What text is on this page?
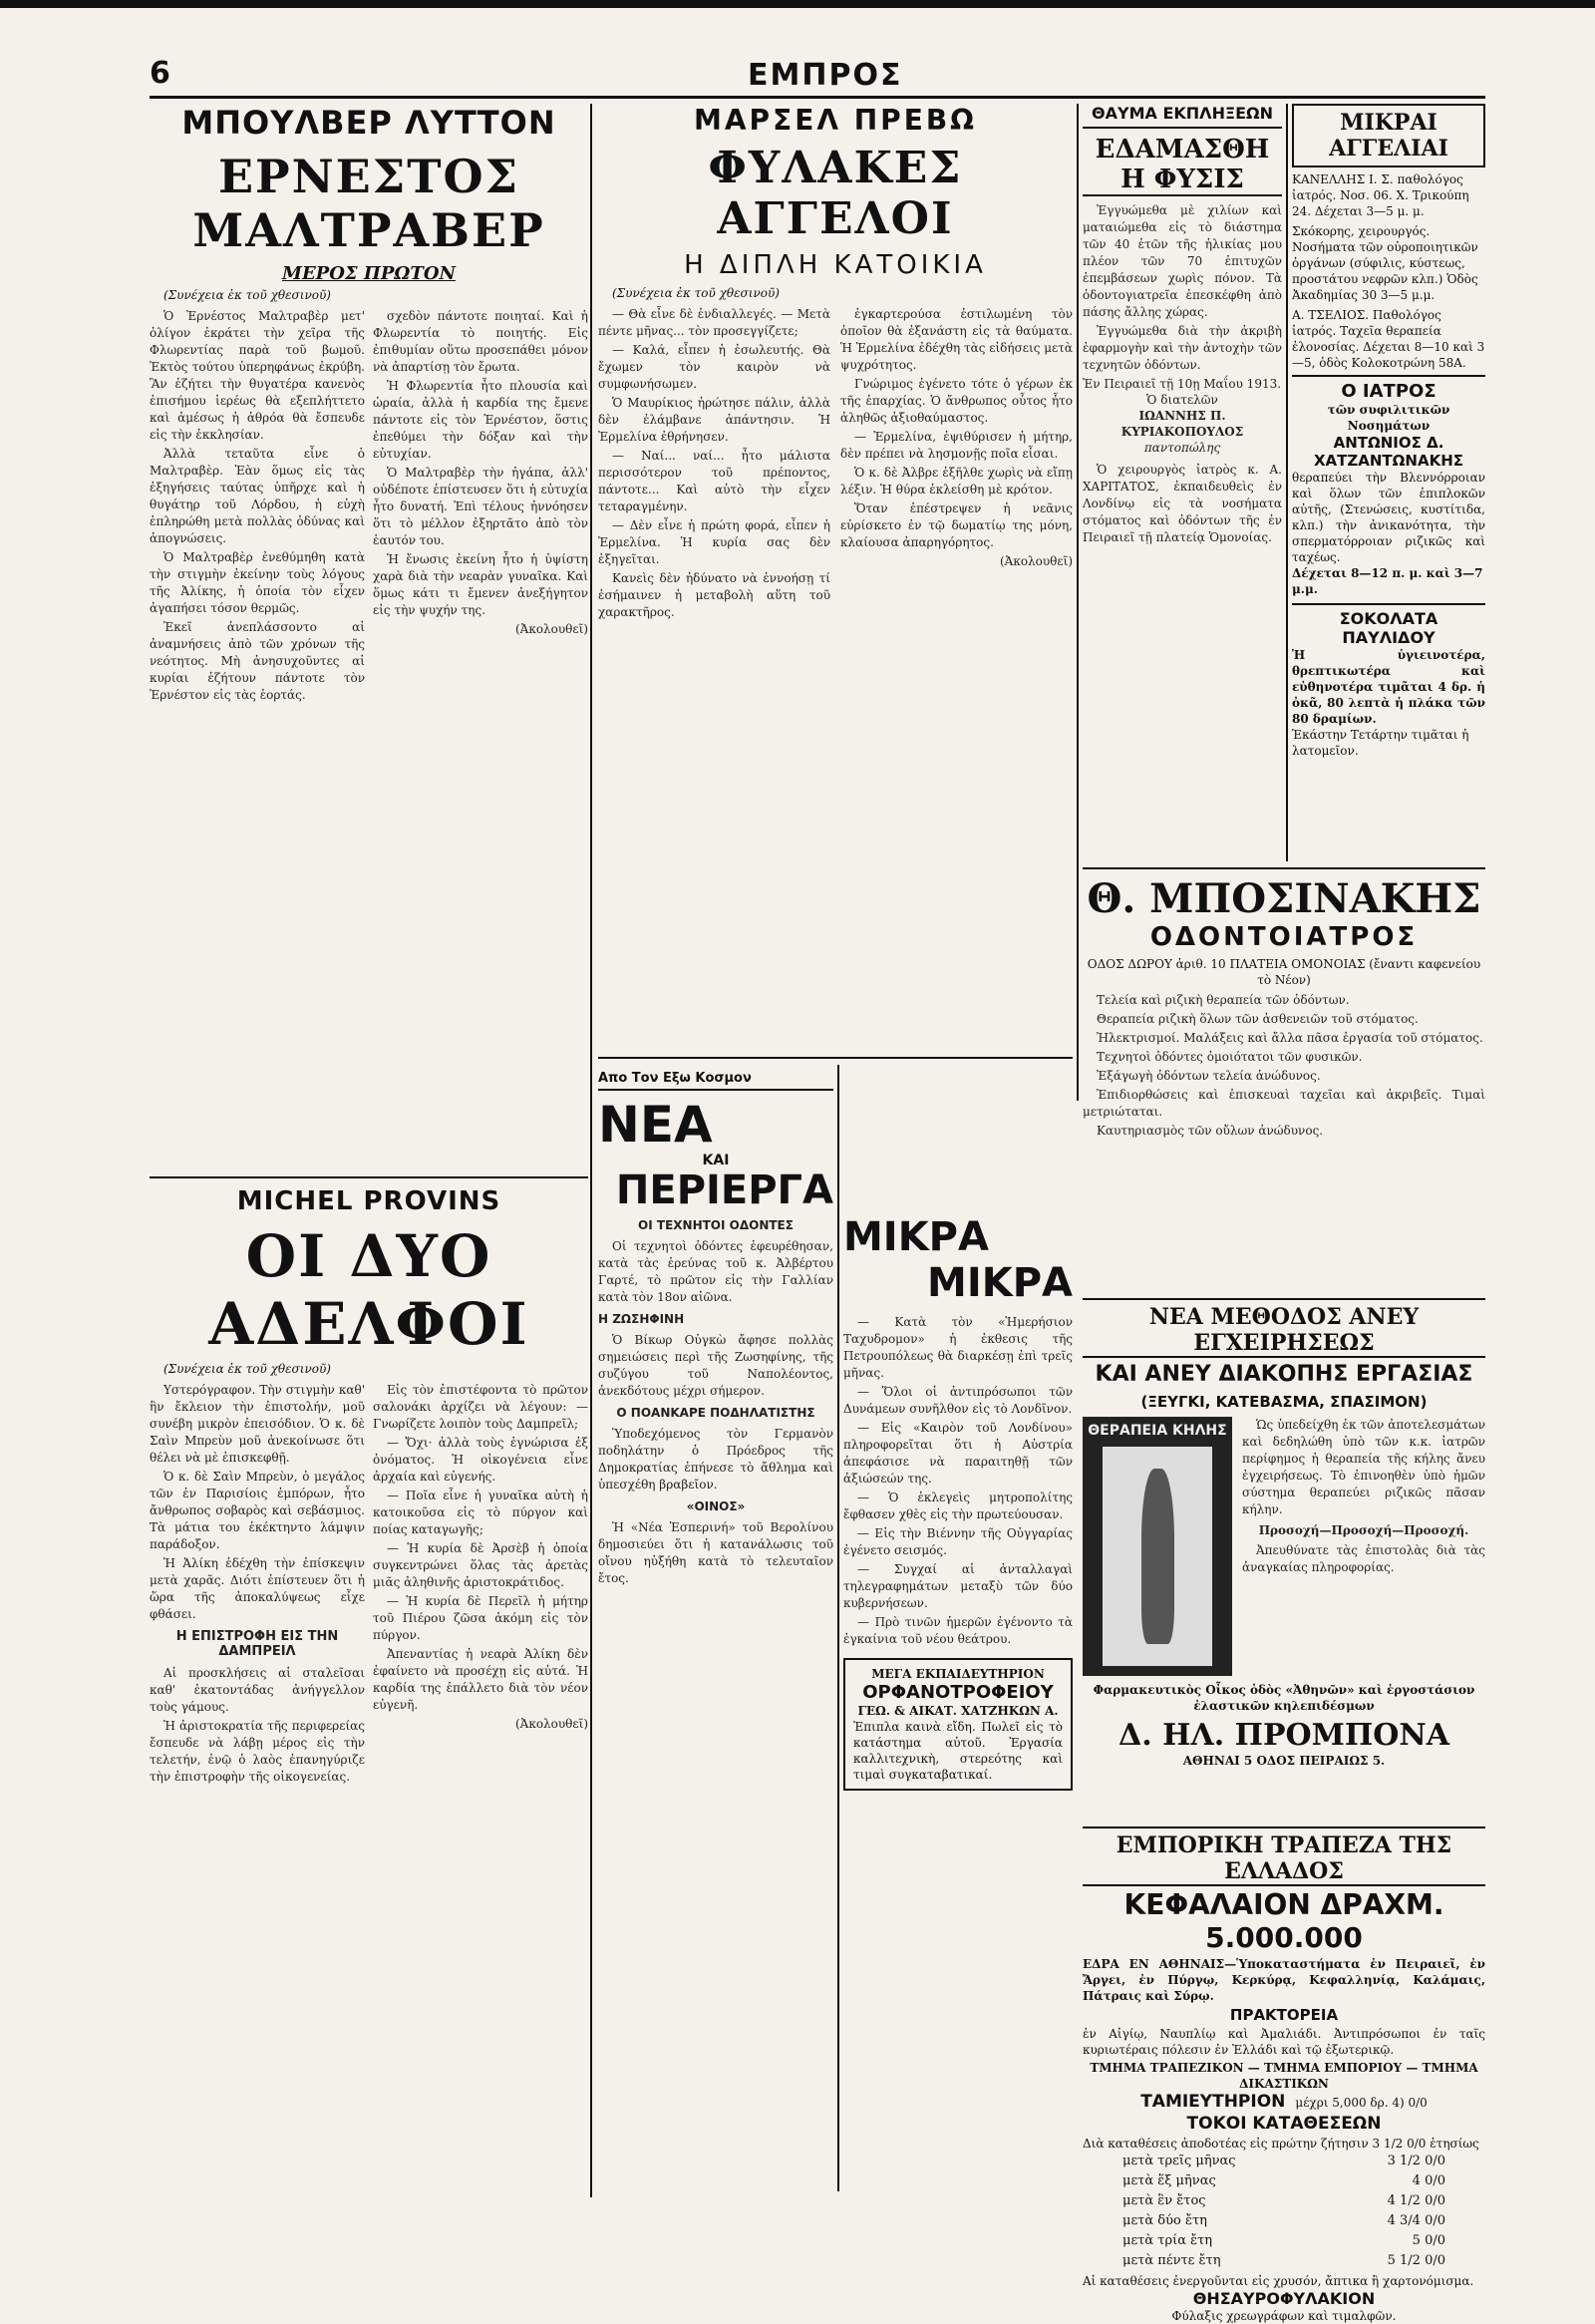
6	ΕΜΠΡΟΣ
ΜΠΟΥΛΒΕΡ ΛΥΤΤΟΝ
ΕΡΝΕΣΤΟΣ ΜΑΛΤΡΑΒΕΡ
ΜΕΡΟΣ ΠΡΩΤΟΝ
(Συνέχεια ἐκ τοῦ χθεσινοῦ)

Ὁ Ἐρνέστος Μαλτραβὲρ μετ' ὀλίγον ἐκράτει τὴν χεῖρα τῆς Φλωρεντίας παρὰ τοῦ βωμοῦ. Ἐκτὸς τούτου ὑπερηφάνως ἐκρύβη. Ἂν ἐζήτει τὴν θυγατέρα κανενὸς ἐπισήμου ἱερέως θὰ εξεπλήττετο καὶ ἀμέσως ἡ ἀθρόα θὰ ἔσπευδε εἰς τὴν ἐκκλησίαν.

Ἀλλὰ τεταῦτα εἶνε ὁ Μαλτραβὲρ. Ἐὰν ὅμως εἰς τὰς ἐξηγήσεις ταύτας ὑπῆρχε καὶ ἡ θυγάτηρ τοῦ Λόρδου, ἡ εὐχὴ ἐπληρώθη μετὰ πολλὰς ὀδύνας καὶ ἀπογνώσεις.

Ὁ Μαλτραβὲρ ἐνεθύμηθη κατὰ τὴν στιγμὴν ἐκείνην τοὺς λόγους τῆς Ἀλίκης, ἡ ὁποία τὸν εἶχεν ἀγαπήσει τόσον θερμῶς.

Ἐκεῖ ἀνεπλάσσοντο αἱ ἀναμνήσεις ἀπὸ τῶν χρόνων τῆς νεότητος. Μὴ ἀνησυχοῦντες αἱ κυρίαι ἐζήτουν πάντοτε τὸν Ἐρνέστον εἰς τὰς ἑορτάς.

σχεδὸν πάντοτε ποιηταί. Καὶ ἡ Φλωρεντία τὸ ποιητής. Εἰς ἐπιθυμίαν οὕτω προσεπάθει μόνον νὰ ἀπαρτίσῃ τὸν ἔρωτα.

Ἡ Φλωρεντία ἦτο πλουσία καὶ ὡραία, ἀλλὰ ἡ καρδία της ἔμενε πάντοτε εἰς τὸν Ἐρνέστον, ὅστις ἐπεθύμει τὴν δόξαν καὶ τὴν εὐτυχίαν.

Ὁ Μαλτραβὲρ τὴν ἠγάπα, ἀλλ' οὐδέποτε ἐπίστευσεν ὅτι ἡ εὐτυχία ἦτο δυνατή. Ἐπὶ τέλους ἠννόησεν ὅτι τὸ μέλλον ἐξηρτᾶτο ἀπὸ τὸν ἑαυτόν του.

Ἡ ἔνωσις ἐκείνη ἦτο ἡ ὑψίστη χαρὰ διὰ τὴν νεαρὰν γυναῖκα. Καὶ ὅμως κάτι τι ἔμενεν ἀνεξήγητον εἰς τὴν ψυχήν της.

(Ἀκολουθεῖ)
MICHEL PROVINS
ΟΙ ΔΥΟ ΑΔΕΛΦΟΙ
(Συνέχεια ἐκ τοῦ χθεσινοῦ)

Υστερόγραφον. Τὴν στιγμὴν καθ' ἣν ἔκλειον τὴν ἐπιστολήν, μοῦ συνέβη μικρὸν ἐπεισόδιον. Ὁ κ. δὲ Σαὶν Μπρεὺν μοῦ ἀνεκοίνωσε ὅτι θέλει νὰ μὲ ἐπισκεφθῇ.

Ὁ κ. δὲ Σαὶν Μπρεὺν, ὁ μεγάλος τῶν ἐν Παρισίοις ἐμπόρων, ἦτο ἄνθρωπος σοβαρὸς καὶ σεβάσμιος. Τὰ μάτια του ἐκέκτηντο λάμψιν παράδοξον.

Ἡ Ἀλίκη ἐδέχθη τὴν ἐπίσκεψιν μετὰ χαρᾶς. Διότι ἐπίστευεν ὅτι ἡ ὥρα τῆς ἀποκαλύψεως εἶχε φθάσει.

Η ΕΠΙΣΤΡΟΦΗ ΕΙΣ ΤΗΝ ΔΑΜΠΡΕΙΛ

Αἱ προσκλήσεις αἱ σταλεῖσαι καθ' ἐκατοντάδας ἀνήγγελλον τοὺς γάμους.

Ἡ ἀριστοκρατία τῆς περιφερείας ἔσπευδε νὰ λάβῃ μέρος εἰς τὴν τελετήν, ἐνῷ ὁ λαὸς ἐπανηγύριζε τὴν ἐπιστροφὴν τῆς οἰκογενείας.

Εἰς τὸν ἐπιστέφοντα τὸ πρῶτον σαλονάκι ἀρχίζει νὰ λέγουν: — Γνωρίζετε λοιπὸν τοὺς Δαμπρεῖλ;

— Ὄχι· ἀλλὰ τοὺς ἐγνώρισα ἐξ ὀνόματος. Ἡ οἰκογένεια εἶνε ἀρχαία καὶ εὐγενής.

— Ποῖα εἶνε ἡ γυναῖκα αὐτὴ ἡ κατοικοῦσα εἰς τὸ πύργον καὶ ποίας καταγωγῆς;

— Ἡ κυρία δὲ Ἀρσὲβ ἡ ὁποία συγκεντρώνει ὅλας τὰς ἀρετὰς μιᾶς ἀληθινῆς ἀριστοκράτιδος.

— Ἡ κυρία δὲ Περεῖλ ἡ μήτηρ τοῦ Πιέρου ζῶσα ἀκόμη εἰς τὸν πύργον.

Ἀπεναντίας ἡ νεαρὰ Ἀλίκη δὲν ἐφαίνετο νὰ προσέχῃ εἰς αὐτά. Ἡ καρδία της ἐπάλλετο διὰ τὸν νέον εὐγενῆ.

(Ἀκολουθεῖ)
ΜΑΡΣΕΛ ΠΡΕΒΩ
ΦΥΛΑΚΕΣ ΑΓΓΕΛΟΙ
Η ΔΙΠΛΗ ΚΑΤΟΙΚΙΑ
(Συνέχεια ἐκ τοῦ χθεσινοῦ)

— Θὰ εἶνε δὲ ἐνδιαλλεγές. — Μετὰ πέντε μῆνας... τὸν προσεγγίζετε;

— Καλά, εἶπεν ἡ ἐσωλευτής. Θὰ ἔχωμεν τὸν καιρὸν νὰ συμφωνήσωμεν.

Ὁ Μαυρίκιος ἠρώτησε πάλιν, ἀλλὰ δὲν ἐλάμβανε ἀπάντησιν. Ἡ Ἐρμελίνα ἐθρήνησεν.

— Ναί... ναί... ἦτο μάλιστα περισσότερον τοῦ πρέποντος, πάντοτε... Καὶ αὐτὸ τὴν εἶχεν τεταραγμένην.

— Δὲν εἶνε ἡ πρώτη φορά, εἶπεν ἡ Ἐρμελίνα. Ἡ κυρία σας δὲν ἐξηγεῖται.

Κανεὶς δὲν ἠδύνατο νὰ ἐννοήσῃ τί ἐσήμαινεν ἡ μεταβολὴ αὕτη τοῦ χαρακτῆρος.

ἐγκαρτερούσα ἐστιλωμένη τὸν ὁποῖον θὰ ἐξανάστη εἰς τὰ θαύματα. Ἡ Ἐρμελίνα ἐδέχθη τὰς εἰδήσεις μετὰ ψυχρότητος.

Γνώριμος ἐγένετο τότε ὁ γέρων ἐκ τῆς ἐπαρχίας. Ὁ ἄνθρωπος οὗτος ἦτο ἀληθῶς ἀξιοθαύμαστος.

— Ἐρμελίνα, ἐψιθύρισεν ἡ μήτηρ, δὲν πρέπει νὰ λησμονῇς ποῖα εἶσαι.

Ὁ κ. δὲ Ἀλβρε ἐξῆλθε χωρὶς νὰ εἴπῃ λέξιν. Ἡ θύρα ἐκλείσθη μὲ κρότον.

Ὅταν ἐπέστρεψεν ἡ νεᾶνις εὐρίσκετο ἐν τῷ δωματίῳ της μόνη, κλαίουσα ἀπαρηγόρητος.

(Ἀκολουθεῖ)
Απο Τον Εξω Κοσμον
ΝΕΑ
ΚΑΙ
ΠΕΡΙΕΡΓΑ
ΟΙ ΤΕΧΝΗΤΟΙ ΟΔΟΝΤΕΣ

Οἱ τεχνητοὶ ὀδόντες ἐφευρέθησαν, κατὰ τὰς ἐρεύνας τοῦ κ. Ἀλβέρτου Γαρτέ, τὸ πρῶτον εἰς τὴν Γαλλίαν κατὰ τὸν 18ον αἰῶνα.

Η ΖΩΣΗΦΙΝΗ

Ὁ Βίκωρ Οὐγκὼ ἄφησε πολλὰς σημειώσεις περὶ τῆς Ζωσηφίνης, τῆς συζύγου τοῦ Ναπολέοντος, ἀνεκδότους μέχρι σήμερον.

Ο ΠΟΑΝΚΑΡΕ ΠΟΔΗΛΑΤΙΣΤΗΣ

Ὑποδεχόμενος τὸν Γερμανὸν ποδηλάτην ὁ Πρόεδρος τῆς Δημοκρατίας ἐπήνεσε τὸ ἄθλημα καὶ ὑπεσχέθη βραβεῖον.

«ΟΙΝΟΣ»

Ἡ «Νέα Ἑσπερινή» τοῦ Βερολίνου δημοσιεύει ὅτι ἡ κατανάλωσις τοῦ οἴνου ηὐξήθη κατὰ τὸ τελευταῖον ἔτος.

ΜΙΚΡΑ
ΜΙΚΡΑ

— Κατὰ τὸν «Ἡμερήσιον Ταχυδρομον» ἡ ἐκθεσις τῆς Πετρουπόλεως θὰ διαρκέσῃ ἐπὶ τρεῖς μῆνας.

— Ὅλοι οἱ ἀντιπρόσωποι τῶν Δυνάμεων συνῆλθον εἰς τὸ Λονδῖνον.

— Εἰς «Καιρὸν τοῦ Λονδίνου» πληροφορεῖται ὅτι ἡ Αὐστρία ἀπεφάσισε νὰ παραιτηθῇ τῶν ἀξιώσεών της.

— Ὁ ἐκλεγεὶς μητροπολίτης ἔφθασεν χθὲς εἰς τὴν πρωτεύουσαν.

— Εἰς τὴν Βιέννην τῆς Οὐγγαρίας ἐγένετο σεισμός.

— Συγχαί αἱ ἀνταλλαγαὶ τηλεγραφημάτων μεταξὺ τῶν δύο κυβερνήσεων.

— Πρὸ τινῶν ἡμερῶν ἐγένοντο τὰ ἐγκαίνια τοῦ νέου θεάτρου.

ΜΕΓΑ ΕΚΠΑΙΔΕΥΤΗΡΙΟΝ
ΟΡΦΑΝΟΤΡΟΦΕΙΟΥ
ΓΕΩ. & ΑΙΚΑΤ. ΧΑΤΖΗΚΩΝ Α.
Ἐπιπλα καινὰ εἴδη. Πωλεῖ εἰς τὸ κατάστημα αὐτοῦ. Ἐργασία καλλιτεχνικὴ, στερεότης καὶ τιμαὶ συγκαταβατικαί.
ΘΑΥΜΑ ΕΚΠΛΗΞΕΩΝ
ΕΔΑΜΑΣΘΗ Η ΦΥΣΙΣ

Ἐγγυώμεθα μὲ χιλίων καὶ ματαιώμεθα εἰς τὸ διάστημα τῶν 40 ἐτῶν τῆς ἡλικίας μου πλέον τῶν 70 ἐπιτυχῶν ἐπεμβάσεων χωρὶς πόνον. Τὰ ὀδοντογιατρεῖα ἐπεσκέφθη ἀπὸ πάσης ἄλλης χώρας.

Ἐγγυώμεθα διὰ τὴν ἀκριβὴ ἐφαρμογὴν καὶ τὴν ἀντοχὴν τῶν τεχνητῶν ὀδόντων.

Ἐν Πειραιεῖ τῇ 10ῃ Μαΐου 1913.
Ὁ διατελῶν
ΙΩΑΝΝΗΣ Π. ΚΥΡΙΑΚΟΠΟΥΛΟΣ
παντοπώλης

Ὁ χειρουργὸς ἰατρὸς κ. Α. ΧΑΡΙΤΑΤΟΣ, ἐκπαιδευθεὶς ἐν Λονδίνῳ εἰς τὰ νοσήματα στόματος καὶ ὀδόντων τῆς ἐν Πειραιεῖ τῇ πλατείᾳ Ὁμονοίας.

ΜΙΚΡΑΙ ΑΓΓΕΛΙΑΙ

ΚΑΝΕΛΛΗΣ Ι. Σ. παθολόγος ἰατρός. Νοσ. 06. Χ. Τρικούπη 24. Δέχεται 3—5 μ. μ.

Σκόκορης, χειρουργός. Νοσήματα τῶν οὐροποιητικῶν ὀργάνων (σύφιλις, κύστεως, προστάτου νεφρῶν κλπ.) Ὁδὸς Ἀκαδημίας 30 3—5 μ.μ.

Α. ΤΣΕΛΙΟΣ. Παθολόγος ἰατρός. Ταχεῖα θεραπεία ἐλονοσίας. Δέχεται 8—10 καὶ 3—5, ὁδὸς Κολοκοτρώνη 58Α.

Ο ΙΑΤΡΟΣ
τῶν συφιλιτικῶν Νοσημάτων
ΑΝΤΩΝΙΟΣ Δ. ΧΑΤΖΑΝΤΩΝΑΚΗΣ
θεραπεύει τὴν Βλεννόρροιαν καὶ ὅλων τῶν ἐπιπλοκῶν αὐτῆς, (Στενώσεις, κυστίτιδα, κλπ.) τὴν ἀνικανότητα, τὴν σπερματόρροιαν ριζικῶς καὶ ταχέως.
Δέχεται 8—12 π. μ. καὶ 3—7 μ.μ.
ΣΟΚΟΛΑΤΑ ΠΑΥΛΙΔΟΥ
Ἡ ὑγιεινοτέρα, θρεπτικωτέρα καὶ εὐθηνοτέρα τιμᾶται 4 δρ. ἡ ὀκᾶ, 80 λεπτὰ ἡ πλάκα τῶν 80 δραμίων.
Ἑκάστην Τετάρτην τιμᾶται ἡ λατομεῖον.
Θ. ΜΠΟΣΙΝΑΚΗΣ
ΟΔΟΝΤΟΙΑΤΡΟΣ
ΟΔΟΣ ΔΩΡΟΥ ἀριθ. 10 ΠΛΑΤΕΙΑ ΟΜΟΝΟΙΑΣ (ἔναντι καφενείου τὸ Νέον)

Τελεία καὶ ριζικὴ θεραπεία τῶν ὀδόντων.

Θεραπεία ριζικὴ ὅλων τῶν ἀσθενειῶν τοῦ στόματος.

Ἠλεκτρισμοί. Μαλάξεις καὶ ἄλλα πᾶσα ἐργασία τοῦ στόματος.

Τεχνητοὶ ὀδόντες ὁμοιότατοι τῶν φυσικῶν.

Ἐξάγωγὴ ὀδόντων τελεία ἀνώδυνος.

Ἐπιδιορθώσεις καὶ ἐπισκευαὶ ταχεῖαι καὶ ἀκριβεῖς. Τιμαὶ μετριώταται.

Καυτηριασμὸς τῶν οὔλων ἀνώδυνος.

ΝΕΑ ΜΕΘΟΔΟΣ ΑΝΕΥ ΕΓΧΕΙΡΗΣΕΩΣ
ΚΑΙ ΑΝΕΥ ΔΙΑΚΟΠΗΣ ΕΡΓΑΣΙΑΣ
(ΞΕΥΓΚΙ, ΚΑΤΕΒΑΣΜΑ, ΣΠΑΣΙΜΟΝ)
ΘΕΡΑΠΕΙΑ ΚΗΛΗΣ	Ὡς ὑπεδείχθη ἐκ τῶν ἀποτελεσμάτων καὶ δεδηλώθη ὑπὸ τῶν κ.κ. ἰατρῶν περίφημος ἡ θεραπεία τῆς κήλης ἄνευ ἐγχειρήσεως. Τὸ ἐπινοηθὲν ὑπὸ ἡμῶν σύστημα θεραπεύει ριζικῶς πᾶσαν κήλην.

Προσοχή—Προσοχή—Προσοχή.

Ἀπευθύνατε τὰς ἐπιστολὰς διὰ τὰς ἀναγκαίας πληροφορίας.

Φαρμακευτικὸς Οἶκος ὁδὸς «Ἀθηνῶν» καὶ ἐργοστάσιον ἐλαστικῶν κηλεπιδέσμων
Δ. ΗΛ. ΠΡΟΜΠΟΝΑ
ΑΘΗΝΑΙ 5 ΟΔΟΣ ΠΕΙΡΑΙΩΣ 5.
ΕΜΠΟΡΙΚΗ ΤΡΑΠΕΖΑ ΤΗΣ ΕΛΛΑΔΟΣ
ΚΕΦΑΛΑΙΟΝ ΔΡΑΧΜ. 5.000.000
ΕΔΡΑ ΕΝ ΑΘΗΝΑΙΣ—Ὑποκαταστήματα ἐν Πειραιεῖ, ἐν Ἄργει, ἐν Πύργῳ, Κερκύρᾳ, Κεφαλληνίᾳ, Καλάμαις, Πάτραις καὶ Σύρῳ.
ΠΡΑΚΤΟΡΕΙΑ
ἐν Αἰγίῳ, Ναυπλίῳ καὶ Ἀμαλιάδι. Ἀντιπρόσωποι ἐν ταῖς κυριωτέραις πόλεσιν ἐν Ἑλλάδι καὶ τῷ ἐξωτερικῷ.
ΤΜΗΜΑ ΤΡΑΠΕΖΙΚΟΝ — ΤΜΗΜΑ ΕΜΠΟΡΙΟΥ — ΤΜΗΜΑ ΔΙΚΑΣΤΙΚΩΝ
ΤΑΜΙΕΥΤΗΡΙΟΝ μέχρι 5,000 δρ. 4) 0/0
ΤΟΚΟΙ ΚΑΤΑΘΕΣΕΩΝ
Διὰ καταθέσεις ἀποδοτέας εἰς πρώτην ζήτησιν 3 1/2 0/0 ἐτησίως
μετὰ τρεῖς μῆνας	3 1/2 0/0
μετὰ ἕξ μῆνας	4 0/0
μετὰ ἓν ἔτος	4 1/2 0/0
μετὰ δύο ἔτη	4 3/4 0/0
μετὰ τρία ἔτη	5 0/0
μετὰ πέντε ἔτη	5 1/2 0/0
Αἱ καταθέσεις ἐνεργοῦνται εἰς χρυσόν, ἄπτικα ἢ χαρτονόμισμα.
ΘΗΣΑΥΡΟΦΥΛΑΚΙΟΝ
Φύλαξις χρεωγράφων καὶ τιμαλφῶν.
